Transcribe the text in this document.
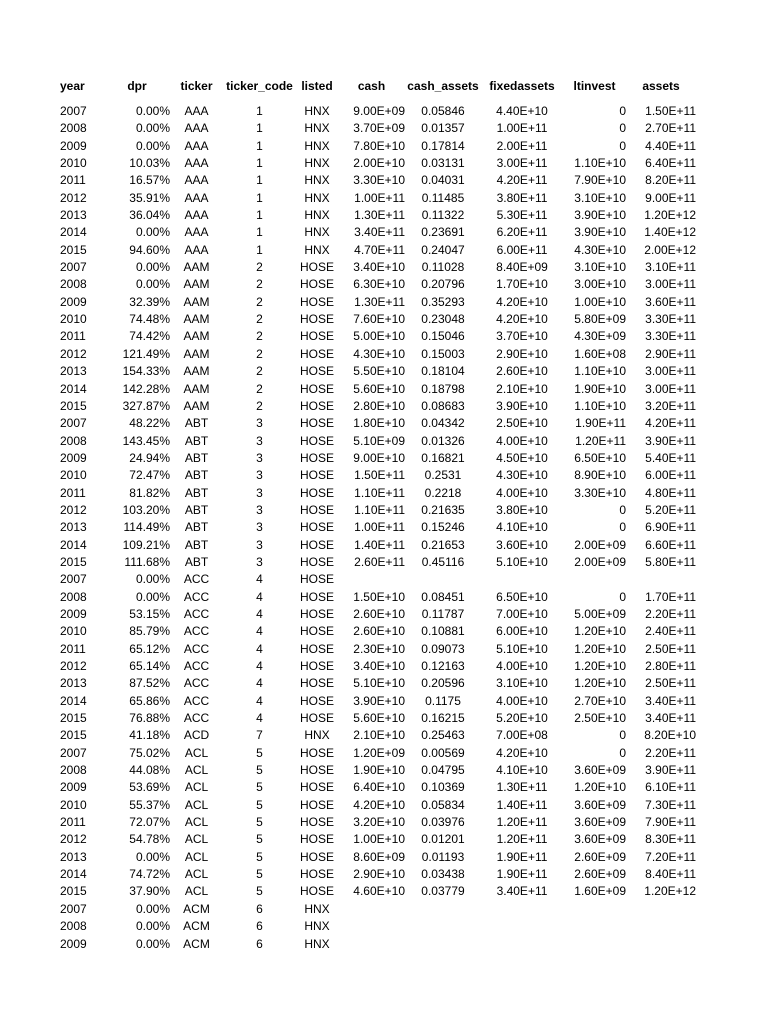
year	dpr	ticker	ticker_code	listed	cash	cash_assets	fixedassets	ltinvest	assets

2007	0.00%	AAA	1	HNX	9.00E+09	0.05846	4.40E+10	0	1.50E+11
2008	0.00%	AAA	1	HNX	3.70E+09	0.01357	1.00E+11	0	2.70E+11
2009	0.00%	AAA	1	HNX	7.80E+10	0.17814	2.00E+11	0	4.40E+11
2010	10.03%	AAA	1	HNX	2.00E+10	0.03131	3.00E+11	1.10E+10	6.40E+11
2011	16.57%	AAA	1	HNX	3.30E+10	0.04031	4.20E+11	7.90E+10	8.20E+11
2012	35.91%	AAA	1	HNX	1.00E+11	0.11485	3.80E+11	3.10E+10	9.00E+11
2013	36.04%	AAA	1	HNX	1.30E+11	0.11322	5.30E+11	3.90E+10	1.20E+12
2014	0.00%	AAA	1	HNX	3.40E+11	0.23691	6.20E+11	3.90E+10	1.40E+12
2015	94.60%	AAA	1	HNX	4.70E+11	0.24047	6.00E+11	4.30E+10	2.00E+12
2007	0.00%	AAM	2	HOSE	3.40E+10	0.11028	8.40E+09	3.10E+10	3.10E+11
2008	0.00%	AAM	2	HOSE	6.30E+10	0.20796	1.70E+10	3.00E+10	3.00E+11
2009	32.39%	AAM	2	HOSE	1.30E+11	0.35293	4.20E+10	1.00E+10	3.60E+11
2010	74.48%	AAM	2	HOSE	7.60E+10	0.23048	4.20E+10	5.80E+09	3.30E+11
2011	74.42%	AAM	2	HOSE	5.00E+10	0.15046	3.70E+10	4.30E+09	3.30E+11
2012	121.49%	AAM	2	HOSE	4.30E+10	0.15003	2.90E+10	1.60E+08	2.90E+11
2013	154.33%	AAM	2	HOSE	5.50E+10	0.18104	2.60E+10	1.10E+10	3.00E+11
2014	142.28%	AAM	2	HOSE	5.60E+10	0.18798	2.10E+10	1.90E+10	3.00E+11
2015	327.87%	AAM	2	HOSE	2.80E+10	0.08683	3.90E+10	1.10E+10	3.20E+11
2007	48.22%	ABT	3	HOSE	1.80E+10	0.04342	2.50E+10	1.90E+11	4.20E+11
2008	143.45%	ABT	3	HOSE	5.10E+09	0.01326	4.00E+10	1.20E+11	3.90E+11
2009	24.94%	ABT	3	HOSE	9.00E+10	0.16821	4.50E+10	6.50E+10	5.40E+11
2010	72.47%	ABT	3	HOSE	1.50E+11	0.2531	4.30E+10	8.90E+10	6.00E+11
2011	81.82%	ABT	3	HOSE	1.10E+11	0.2218	4.00E+10	3.30E+10	4.80E+11
2012	103.20%	ABT	3	HOSE	1.10E+11	0.21635	3.80E+10	0	5.20E+11
2013	114.49%	ABT	3	HOSE	1.00E+11	0.15246	4.10E+10	0	6.90E+11
2014	109.21%	ABT	3	HOSE	1.40E+11	0.21653	3.60E+10	2.00E+09	6.60E+11
2015	111.68%	ABT	3	HOSE	2.60E+11	0.45116	5.10E+10	2.00E+09	5.80E+11
2007	0.00%	ACC	4	HOSE					
2008	0.00%	ACC	4	HOSE	1.50E+10	0.08451	6.50E+10	0	1.70E+11
2009	53.15%	ACC	4	HOSE	2.60E+10	0.11787	7.00E+10	5.00E+09	2.20E+11
2010	85.79%	ACC	4	HOSE	2.60E+10	0.10881	6.00E+10	1.20E+10	2.40E+11
2011	65.12%	ACC	4	HOSE	2.30E+10	0.09073	5.10E+10	1.20E+10	2.50E+11
2012	65.14%	ACC	4	HOSE	3.40E+10	0.12163	4.00E+10	1.20E+10	2.80E+11
2013	87.52%	ACC	4	HOSE	5.10E+10	0.20596	3.10E+10	1.20E+10	2.50E+11
2014	65.86%	ACC	4	HOSE	3.90E+10	0.1175	4.00E+10	2.70E+10	3.40E+11
2015	76.88%	ACC	4	HOSE	5.60E+10	0.16215	5.20E+10	2.50E+10	3.40E+11
2015	41.18%	ACD	7	HNX	2.10E+10	0.25463	7.00E+08	0	8.20E+10
2007	75.02%	ACL	5	HOSE	1.20E+09	0.00569	4.20E+10	0	2.20E+11
2008	44.08%	ACL	5	HOSE	1.90E+10	0.04795	4.10E+10	3.60E+09	3.90E+11
2009	53.69%	ACL	5	HOSE	6.40E+10	0.10369	1.30E+11	1.20E+10	6.10E+11
2010	55.37%	ACL	5	HOSE	4.20E+10	0.05834	1.40E+11	3.60E+09	7.30E+11
2011	72.07%	ACL	5	HOSE	3.20E+10	0.03976	1.20E+11	3.60E+09	7.90E+11
2012	54.78%	ACL	5	HOSE	1.00E+10	0.01201	1.20E+11	3.60E+09	8.30E+11
2013	0.00%	ACL	5	HOSE	8.60E+09	0.01193	1.90E+11	2.60E+09	7.20E+11
2014	74.72%	ACL	5	HOSE	2.90E+10	0.03438	1.90E+11	2.60E+09	8.40E+11
2015	37.90%	ACL	5	HOSE	4.60E+10	0.03779	3.40E+11	1.60E+09	1.20E+12
2007	0.00%	ACM	6	HNX					
2008	0.00%	ACM	6	HNX					
2009	0.00%	ACM	6	HNX					
